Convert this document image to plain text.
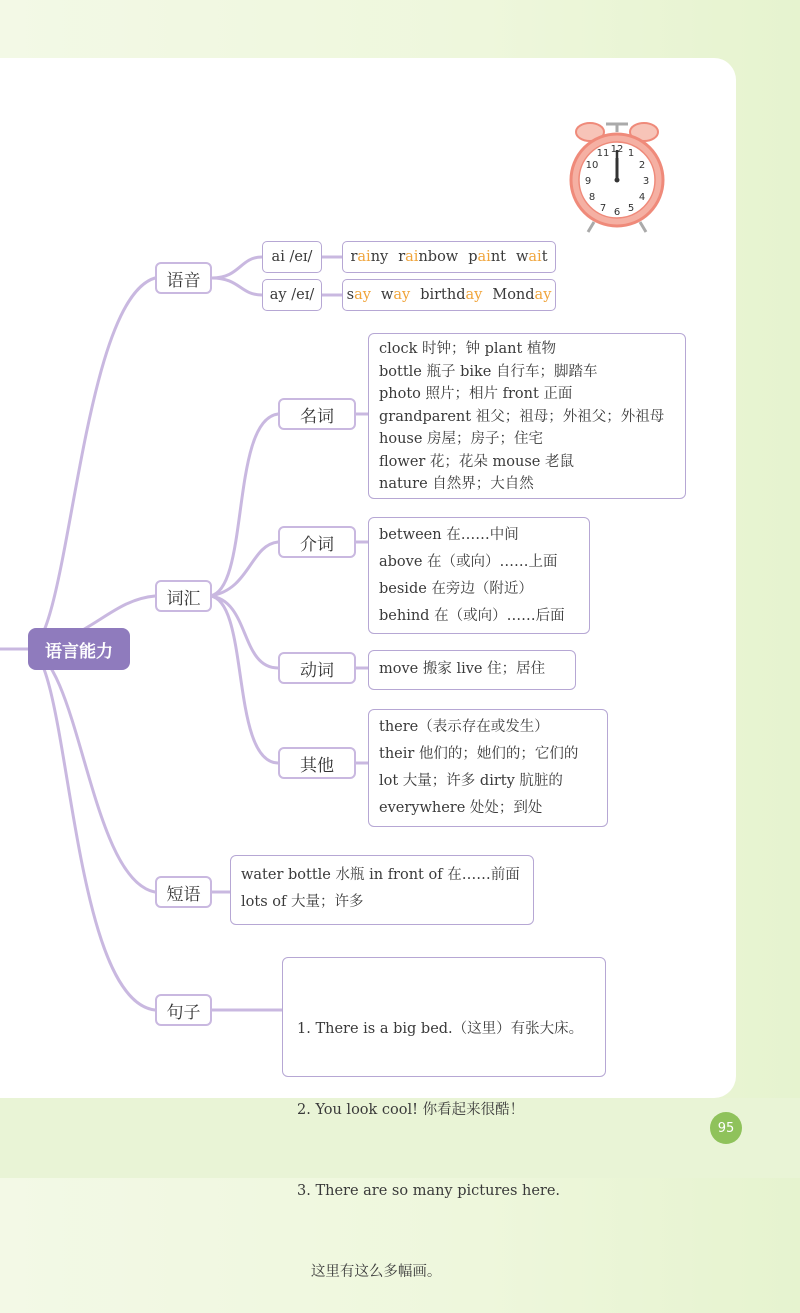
12 1
2
3
4
5
6
7
8
9
10
11
语言能力
语音
词汇
短语
句子
ai /eɪ/	rainy rainbow paint wait
ay /eɪ/	say way birthday Monday
名词
介词
动词
其他
clock 时钟；钟 plant 植物
bottle 瓶子 bike 自行车；脚踏车
photo 照片；相片 front 正面
grandparent 祖父；祖母；外祖父；外祖母
house 房屋；房子；住宅
flower 花；花朵 mouse 老鼠
nature 自然界；大自然
between 在……中间
above 在（或向）……上面
beside 在旁边（附近）
behind 在（或向）……后面
move 搬家 live 住；居住
there（表示存在或发生）
their 他们的；她们的；它们的
lot 大量；许多 dirty 肮脏的
everywhere 处处；到处
water bottle 水瓶 in front of 在……前面
lots of 大量；许多

1. There is a big bed.（这里）有张大床。

2. You look cool! 你看起来很酷！

3. There are so many pictures here.

这里有这么多幅画。

95
